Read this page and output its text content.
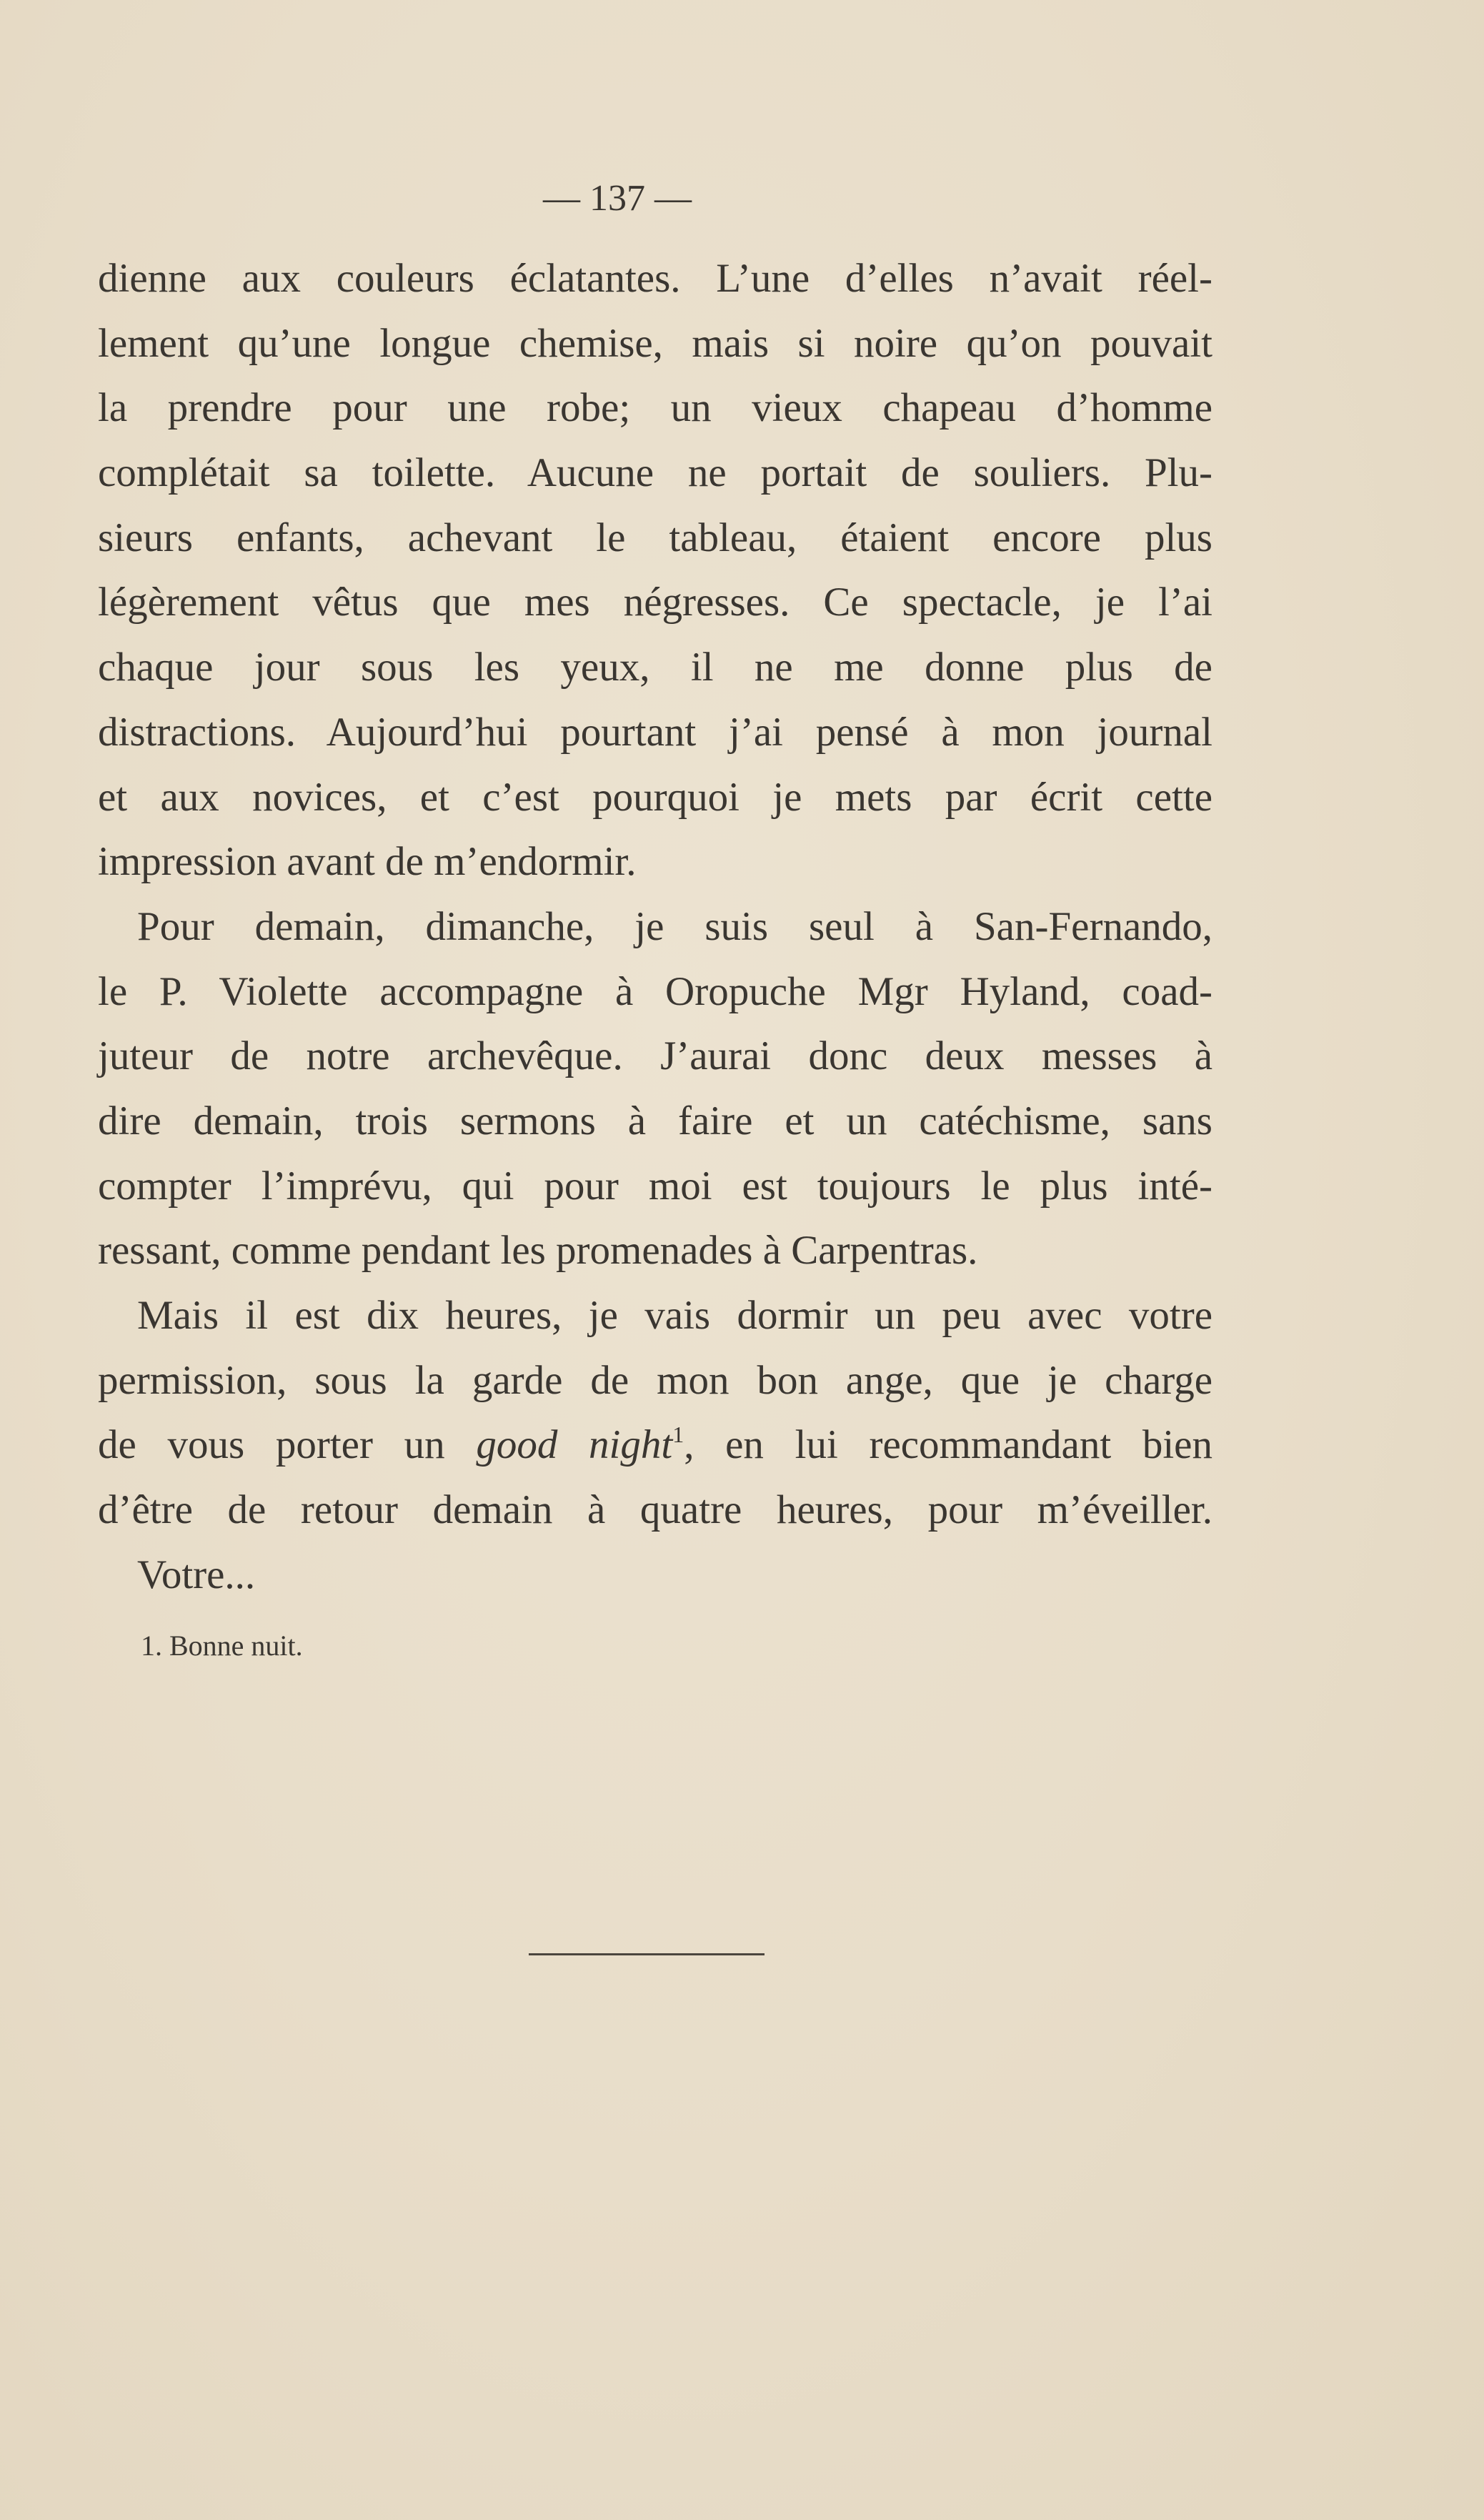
— 137 —
dienne aux couleurs éclatantes. L’une d’elles n’avait réel-
lement qu’une longue chemise, mais si noire qu’on pouvait
la prendre pour une robe; un vieux chapeau d’homme
complétait sa toilette. Aucune ne portait de souliers. Plu-
sieurs enfants, achevant le tableau, étaient encore plus
légèrement vêtus que mes négresses. Ce spectacle, je l’ai
chaque jour sous les yeux, il ne me donne plus de
distractions. Aujourd’hui pourtant j’ai pensé à mon journal
et aux novices, et c’est pourquoi je mets par écrit cette
impression avant de m’endormir.
Pour demain, dimanche, je suis seul à San-Fernando,
le P. Violette accompagne à Oropuche Mgr Hyland, coad-
juteur de notre archevêque. J’aurai donc deux messes à
dire demain, trois sermons à faire et un catéchisme, sans
compter l’imprévu, qui pour moi est toujours le plus inté-
ressant, comme pendant les promenades à Carpentras.
Mais il est dix heures, je vais dormir un peu avec votre
permission, sous la garde de mon bon ange, que je charge
de vous porter un good night$^1$, en lui recommandant bien
d’être de retour demain à quatre heures, pour m’éveiller.
Votre...
1. Bonne nuit.
